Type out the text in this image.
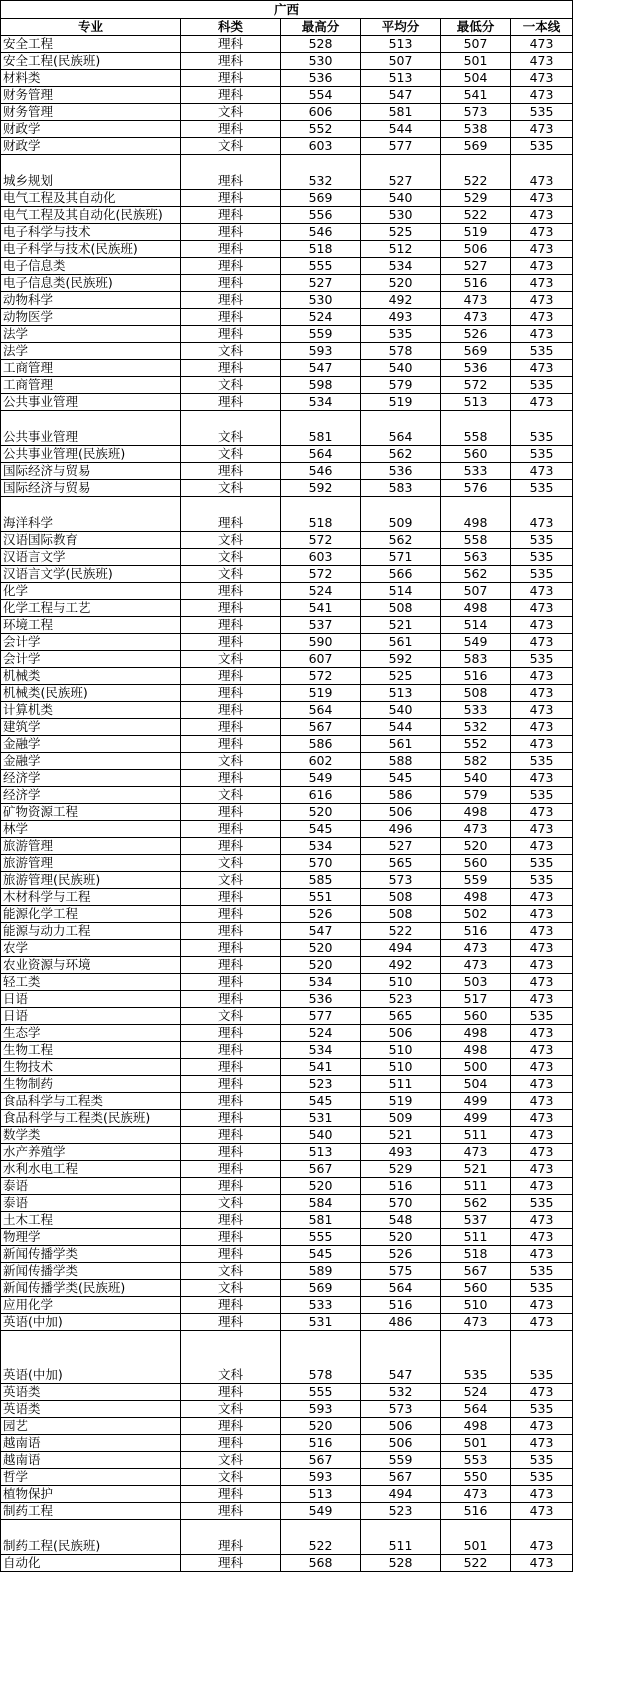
广西					
专业	科类	最高分	平均分	最低分	一本线
安全工程	理科	528	513	507	473
安全工程(民族班)	理科	530	507	501	473
材料类	理科	536	513	504	473
财务管理	理科	554	547	541	473
财务管理	文科	606	581	573	535
财政学	理科	552	544	538	473
财政学	文科	603	577	569	535
城乡规划	理科	532	527	522	473
电气工程及其自动化	理科	569	540	529	473
电气工程及其自动化(民族班)	理科	556	530	522	473
电子科学与技术	理科	546	525	519	473
电子科学与技术(民族班)	理科	518	512	506	473
电子信息类	理科	555	534	527	473
电子信息类(民族班)	理科	527	520	516	473
动物科学	理科	530	492	473	473
动物医学	理科	524	493	473	473
法学	理科	559	535	526	473
法学	文科	593	578	569	535
工商管理	理科	547	540	536	473
工商管理	文科	598	579	572	535
公共事业管理	理科	534	519	513	473
公共事业管理	文科	581	564	558	535
公共事业管理(民族班)	文科	564	562	560	535
国际经济与贸易	理科	546	536	533	473
国际经济与贸易	文科	592	583	576	535
海洋科学	理科	518	509	498	473
汉语国际教育	文科	572	562	558	535
汉语言文学	文科	603	571	563	535
汉语言文学(民族班)	文科	572	566	562	535
化学	理科	524	514	507	473
化学工程与工艺	理科	541	508	498	473
环境工程	理科	537	521	514	473
会计学	理科	590	561	549	473
会计学	文科	607	592	583	535
机械类	理科	572	525	516	473
机械类(民族班)	理科	519	513	508	473
计算机类	理科	564	540	533	473
建筑学	理科	567	544	532	473
金融学	理科	586	561	552	473
金融学	文科	602	588	582	535
经济学	理科	549	545	540	473
经济学	文科	616	586	579	535
矿物资源工程	理科	520	506	498	473
林学	理科	545	496	473	473
旅游管理	理科	534	527	520	473
旅游管理	文科	570	565	560	535
旅游管理(民族班)	文科	585	573	559	535
木材科学与工程	理科	551	508	498	473
能源化学工程	理科	526	508	502	473
能源与动力工程	理科	547	522	516	473
农学	理科	520	494	473	473
农业资源与环境	理科	520	492	473	473
轻工类	理科	534	510	503	473
日语	理科	536	523	517	473
日语	文科	577	565	560	535
生态学	理科	524	506	498	473
生物工程	理科	534	510	498	473
生物技术	理科	541	510	500	473
生物制药	理科	523	511	504	473
食品科学与工程类	理科	545	519	499	473
食品科学与工程类(民族班)	理科	531	509	499	473
数学类	理科	540	521	511	473
水产养殖学	理科	513	493	473	473
水利水电工程	理科	567	529	521	473
泰语	理科	520	516	511	473
泰语	文科	584	570	562	535
土木工程	理科	581	548	537	473
物理学	理科	555	520	511	473
新闻传播学类	理科	545	526	518	473
新闻传播学类	文科	589	575	567	535
新闻传播学类(民族班)	文科	569	564	560	535
应用化学	理科	533	516	510	473
英语(中加)	理科	531	486	473	473
英语(中加)	文科	578	547	535	535
英语类	理科	555	532	524	473
英语类	文科	593	573	564	535
园艺	理科	520	506	498	473
越南语	理科	516	506	501	473
越南语	文科	567	559	553	535
哲学	文科	593	567	550	535
植物保护	理科	513	494	473	473
制药工程	理科	549	523	516	473
制药工程(民族班)	理科	522	511	501	473
自动化	理科	568	528	522	473
